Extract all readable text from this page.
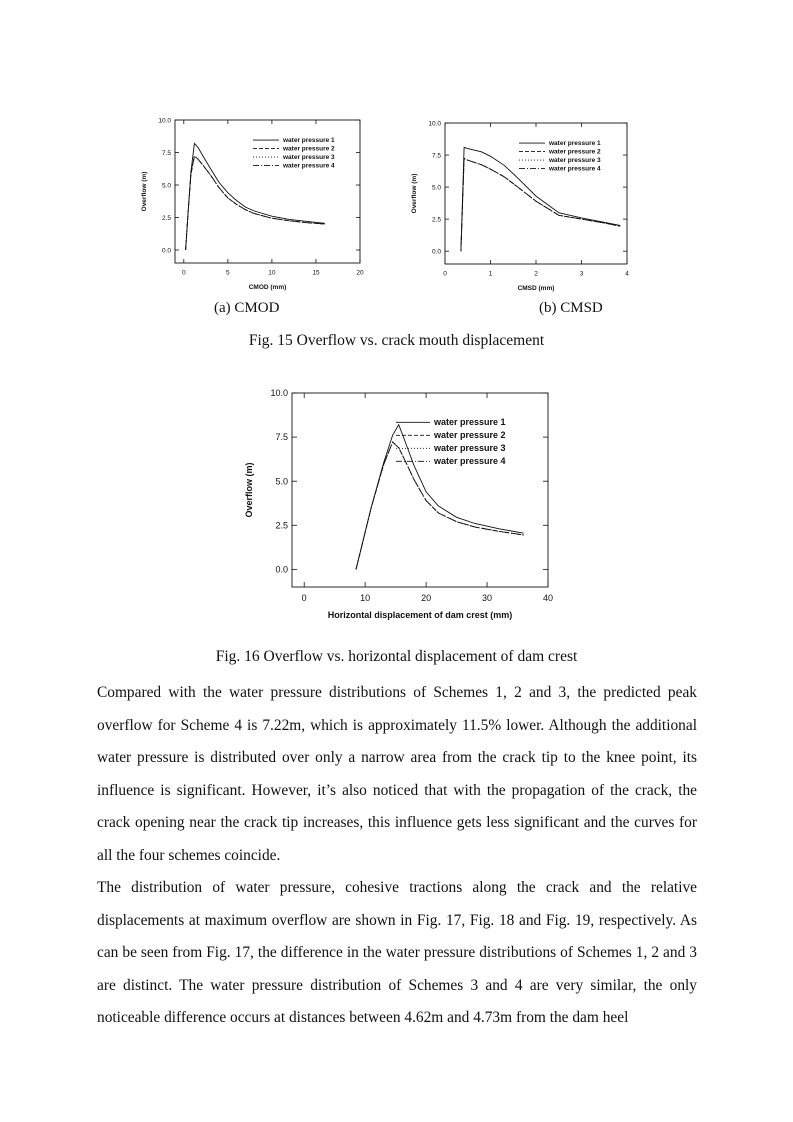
0	5	10	15	20
0.0
2.5
5.0
7.5
10.0
CMOD (mm)
Overflow (m)
water pressure 1
water pressure 2
water pressure 3
water pressure 4
0	1	2	3	4
0.0
2.5
5.0
7.5
10.0
CMSD (mm)
Overflow (m)
water pressure 1
water pressure 2
water pressure 3
water pressure 4
(a) CMOD	(b) CMSD
Fig. 15 Overflow vs. crack mouth displacement
0	10	20	30	40
0.0
2.5
5.0
7.5
10.0
Horizontal displacement of dam crest (mm)
Overflow (m)
water pressure 1
water pressure 2
water pressure 3
water pressure 4
Fig. 16 Overflow vs. horizontal displacement of dam crest

Compared with the water pressure distributions of Schemes 1, 2 and 3, the predicted peak overflow for Scheme 4 is 7.22m, which is approximately 11.5% lower. Although the additional water pressure is distributed over only a narrow area from the crack tip to the knee point, its influence is significant. However, it’s also noticed that with the propagation of the crack, the crack opening near the crack tip increases, this influence gets less significant and the curves for all the four schemes coincide.

The distribution of water pressure, cohesive tractions along the crack and the relative displacements at maximum overflow are shown in Fig. 17, Fig. 18 and Fig. 19, respectively. As can be seen from Fig. 17, the difference in the water pressure distributions of Schemes 1, 2 and 3 are distinct. The water pressure distribution of Schemes 3 and 4 are very similar, the only noticeable difference occurs at distances between 4.62m and 4.73m from the dam heel
